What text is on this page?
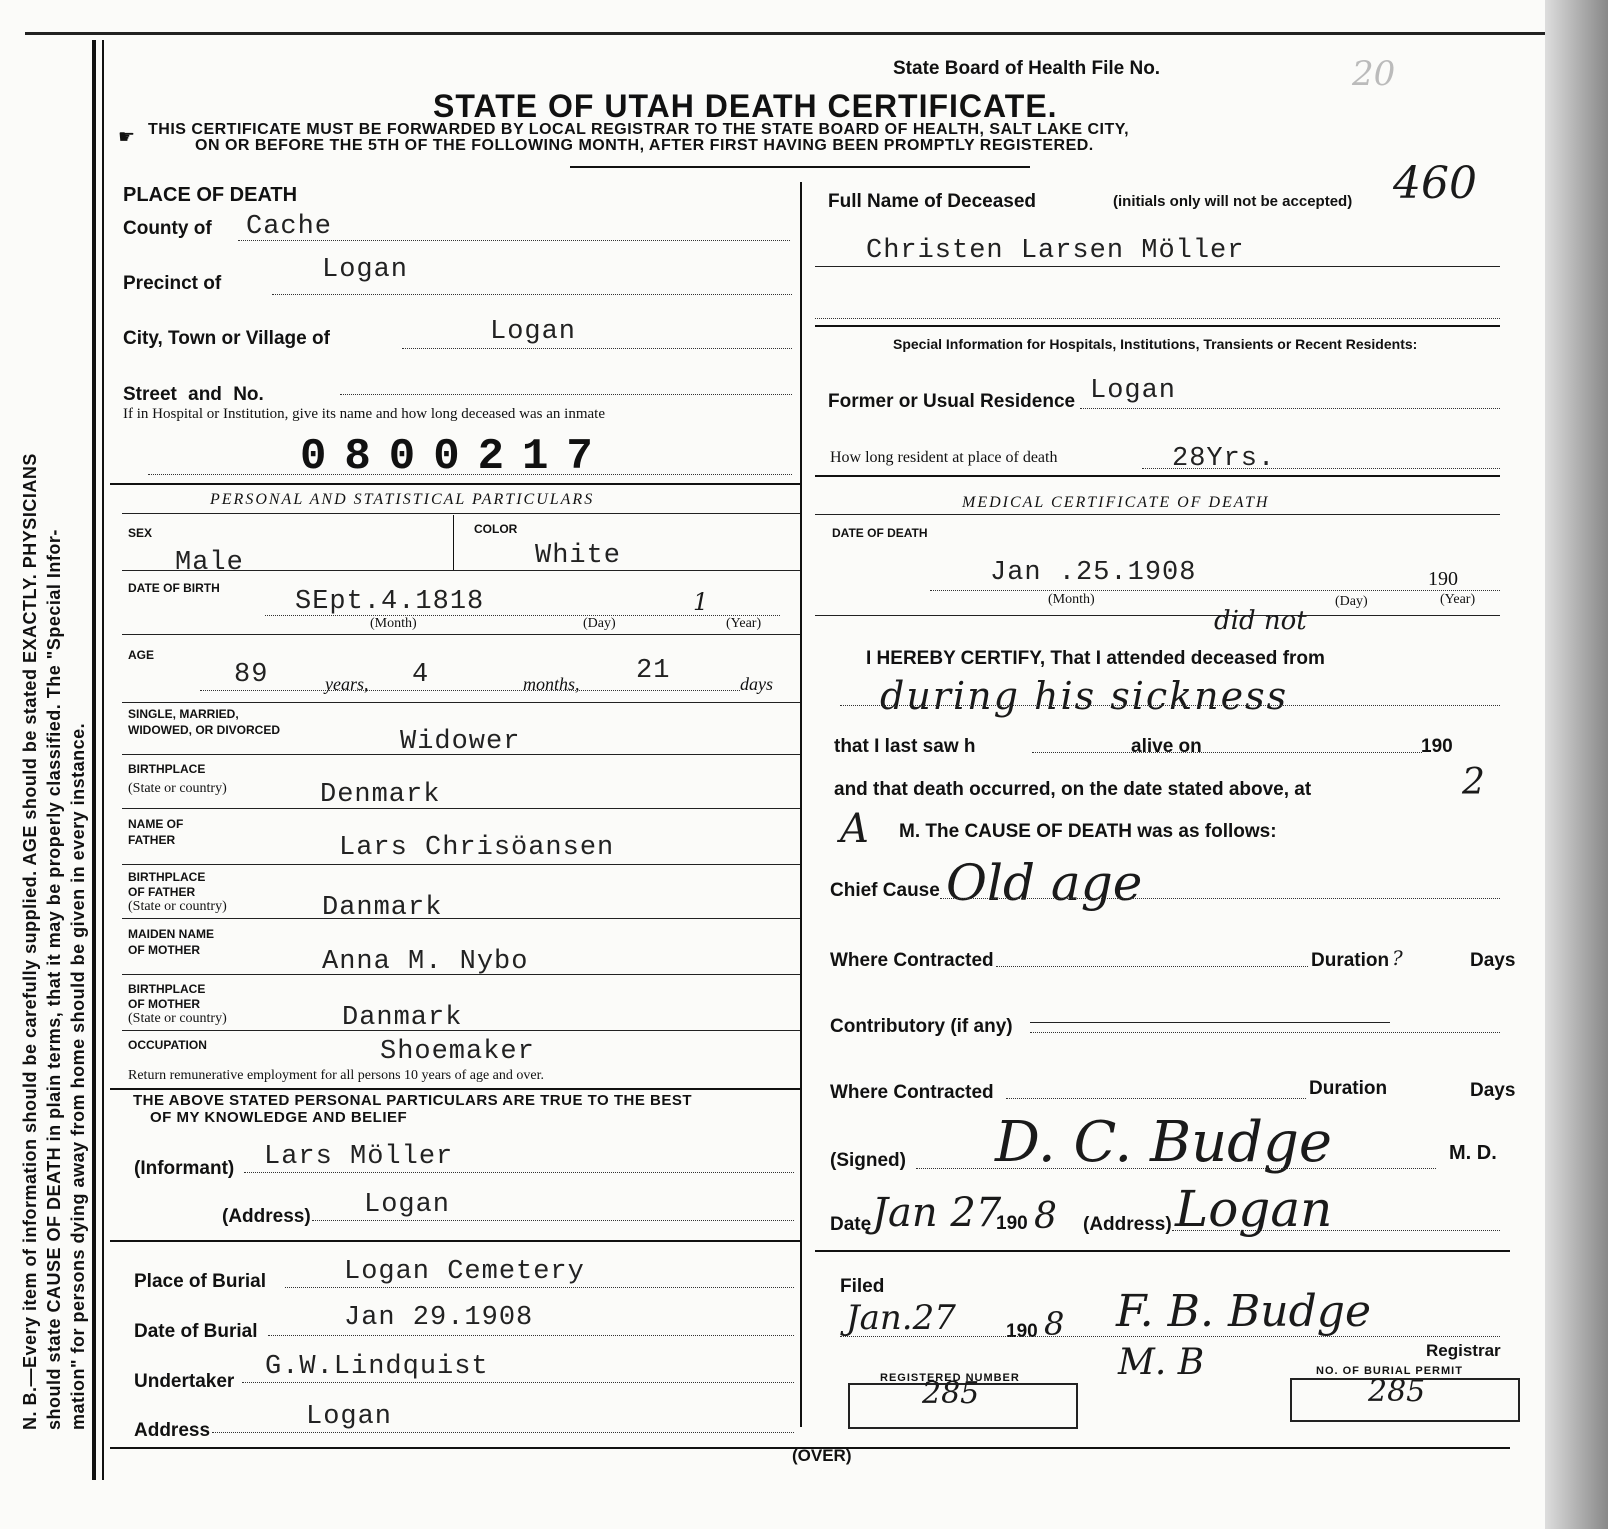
N. B.—Every item of information should be carefully supplied. AGE should be stated EXACTLY. PHYSICIANS should state CAUSE OF DEATH in plain terms, that it may be properly classified. The "Special Infor- mation" for persons dying away from home should be given in every instance.
State Board of Health File No.	20
STATE OF UTAH DEATH CERTIFICATE.
☛ THIS CERTIFICATE MUST BE FORWARDED BY LOCAL REGISTRAR TO THE STATE BOARD OF HEALTH, SALT LAKE CITY,
ON OR BEFORE THE 5TH OF THE FOLLOWING MONTH, AFTER FIRST HAVING BEEN PROMPTLY REGISTERED.
460
PLACE OF DEATH
County of Cache
Precinct of	Logan
City, Town or Village of	Logan
Street and No.
If in Hospital or Institution, give its name and how long deceased was an inmate
0800217
Full Name of Deceased	(initials only will not be accepted)
Christen Larsen Möller
Special Information for Hospitals, Institutions, Transients or Recent Residents:
Former or Usual Residence Logan
How long resident at place of death	28Yrs.
PERSONAL AND STATISTICAL PARTICULARS
SEX
Male
COLOR
White
DATE OF BIRTH	SEpt.4.1818	1
(Month)	(Day)	(Year)
AGE
89	years, 4	months, 21	days
SINGLE, MARRIED,
WIDOWED, OR DIVORCED	Widower
BIRTHPLACE
(State or country)	Denmark
NAME OF
FATHER	Lars Chrisöansen
BIRTHPLACE
OF FATHER
(State or country)	Danmark
MAIDEN NAME
OF MOTHER	Anna M. Nybo
BIRTHPLACE
OF MOTHER
(State or country)	Danmark
OCCUPATION	Shoemaker
Return remunerative employment for all persons 10 years of age and over.
THE ABOVE STATED PERSONAL PARTICULARS ARE TRUE TO THE BEST
OF MY KNOWLEDGE AND BELIEF
(Informant) Lars Möller
(Address) Logan
Place of Burial	Logan Cemetery
Date of Burial	Jan 29.1908
Undertaker G.W.Lindquist
Address	Logan
(OVER)
MEDICAL CERTIFICATE OF DEATH
DATE OF DEATH
Jan .25.1908	190
(Month)	(Day)	(Year)
did not
I HEREBY CERTIFY, That I attended deceased from
during his sickness
that I last saw h	alive on	190
and that death occurred, on the date stated above, at	2
A M. The CAUSE OF DEATH was as follows:
Chief Cause Old age
Where Contracted	Duration ?	Days
Contributory (if any)
Where Contracted	Duration	Days
(Signed) D. C. Budge	M. D.
Date Jan 27
190 8 (Address) Logan
Filed
Jan.27	190 8 F. B. Budge
M. B	Registrar
REGISTERED NUMBER
285
NO. OF BURIAL PERMIT
285
